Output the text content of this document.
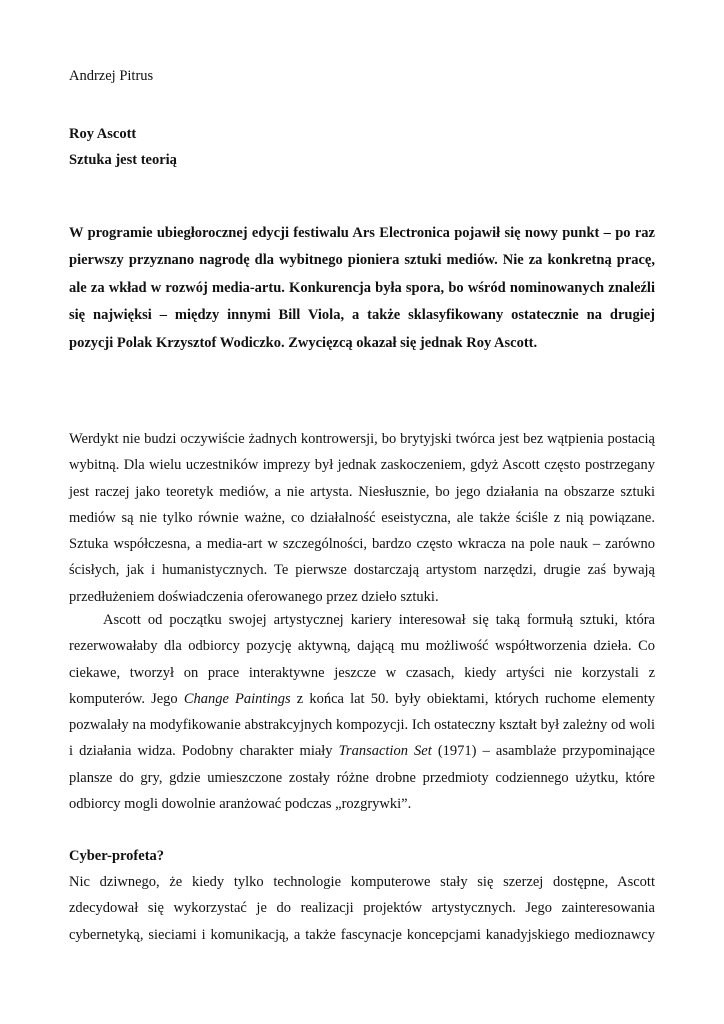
Andrzej Pitrus
Roy Ascott
Sztuka jest teorią
W programie ubiegłorocznej edycji festiwalu Ars Electronica pojawił się nowy punkt – po raz
pierwszy przyznano nagrodę dla wybitnego pioniera sztuki mediów. Nie za konkretną pracę,
ale za wkład w rozwój media-artu. Konkurencja była spora, bo wśród nominowanych znaleźli
się najwięksi – między innymi Bill Viola, a także sklasyfikowany ostatecznie na drugiej
pozycji Polak Krzysztof Wodiczko. Zwycięzcą okazał się jednak Roy Ascott.
Werdykt nie budzi oczywiście żadnych kontrowersji, bo brytyjski twórca jest bez wątpienia postacią
wybitną. Dla wielu uczestników imprezy był jednak zaskoczeniem, gdyż Ascott często postrzegany
jest raczej jako teoretyk mediów, a nie artysta. Niesłusznie, bo jego działania na obszarze sztuki
mediów są nie tylko równie ważne, co działalność eseistyczna, ale także ściśle z nią powiązane.
Sztuka współczesna, a media-art w szczególności, bardzo często wkracza na pole nauk – zarówno
ścisłych, jak i humanistycznych. Te pierwsze dostarczają artystom narzędzi, drugie zaś bywają
przedłużeniem doświadczenia oferowanego przez dzieło sztuki.
Ascott od początku swojej artystycznej kariery interesował się taką formułą sztuki, która
rezerwowałaby dla odbiorcy pozycję aktywną, dającą mu możliwość współtworzenia dzieła. Co
ciekawe, tworzył on prace interaktywne jeszcze w czasach, kiedy artyści nie korzystali z
komputerów. Jego Change Paintings z końca lat 50. były obiektami, których ruchome elementy
pozwalały na modyfikowanie abstrakcyjnych kompozycji. Ich ostateczny kształt był zależny od woli
i działania widza. Podobny charakter miały Transaction Set (1971) – asamblaże przypominające
plansze do gry, gdzie umieszczone zostały różne drobne przedmioty codziennego użytku, które
odbiorcy mogli dowolnie aranżować podczas „rozgrywki”.
Cyber-profeta?
Nic dziwnego, że kiedy tylko technologie komputerowe stały się szerzej dostępne, Ascott
zdecydował się wykorzystać je do realizacji projektów artystycznych. Jego zainteresowania
cybernetyką, sieciami i komunikacją, a także fascynacje koncepcjami kanadyjskiego medioznawcy
